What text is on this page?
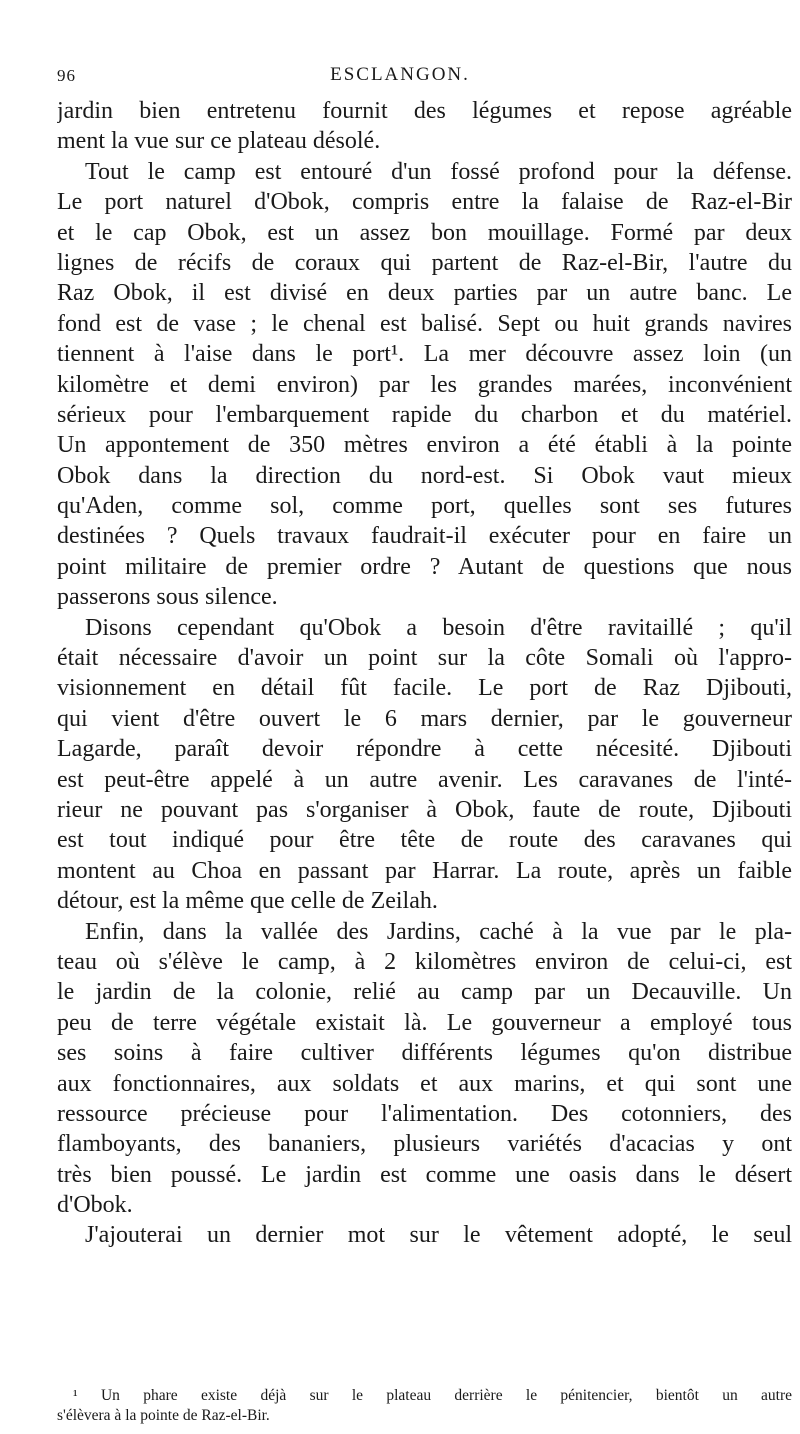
96	ESCLANGON.
jardin bien entretenu fournit des légumes et repose agréable
ment la vue sur ce plateau désolé.
Tout le camp est entouré d'un fossé profond pour la défense.
Le port naturel d'Obok, compris entre la falaise de Raz-el-Bir
et le cap Obok, est un assez bon mouillage. Formé par deux
lignes de récifs de coraux qui partent de Raz-el-Bir, l'autre du
Raz Obok, il est divisé en deux parties par un autre banc. Le
fond est de vase ; le chenal est balisé. Sept ou huit grands navires
tiennent à l'aise dans le port¹. La mer découvre assez loin (un
kilomètre et demi environ) par les grandes marées, inconvénient
sérieux pour l'embarquement rapide du charbon et du matériel.
Un appontement de 350 mètres environ a été établi à la pointe
Obok dans la direction du nord-est. Si Obok vaut mieux
qu'Aden, comme sol, comme port, quelles sont ses futures
destinées ? Quels travaux faudrait-il exécuter pour en faire un
point militaire de premier ordre ? Autant de questions que nous
passerons sous silence.
Disons cependant qu'Obok a besoin d'être ravitaillé ; qu'il
était nécessaire d'avoir un point sur la côte Somali où l'appro-
visionnement en détail fût facile. Le port de Raz Djibouti,
qui vient d'être ouvert le 6 mars dernier, par le gouverneur
Lagarde, paraît devoir répondre à cette nécesité. Djibouti
est peut-être appelé à un autre avenir. Les caravanes de l'inté-
rieur ne pouvant pas s'organiser à Obok, faute de route, Djibouti
est tout indiqué pour être tête de route des caravanes qui
montent au Choa en passant par Harrar. La route, après un faible
détour, est la même que celle de Zeilah.
Enfin, dans la vallée des Jardins, caché à la vue par le pla-
teau où s'élève le camp, à 2 kilomètres environ de celui-ci, est
le jardin de la colonie, relié au camp par un Decauville. Un
peu de terre végétale existait là. Le gouverneur a employé tous
ses soins à faire cultiver différents légumes qu'on distribue
aux fonctionnaires, aux soldats et aux marins, et qui sont une
ressource précieuse pour l'alimentation. Des cotonniers, des
flamboyants, des bananiers, plusieurs variétés d'acacias y ont
très bien poussé. Le jardin est comme une oasis dans le désert
d'Obok.
J'ajouterai un dernier mot sur le vêtement adopté, le seul
¹ Un phare existe déjà sur le plateau derrière le pénitencier, bientôt un autre
s'élèvera à la pointe de Raz-el-Bir.
